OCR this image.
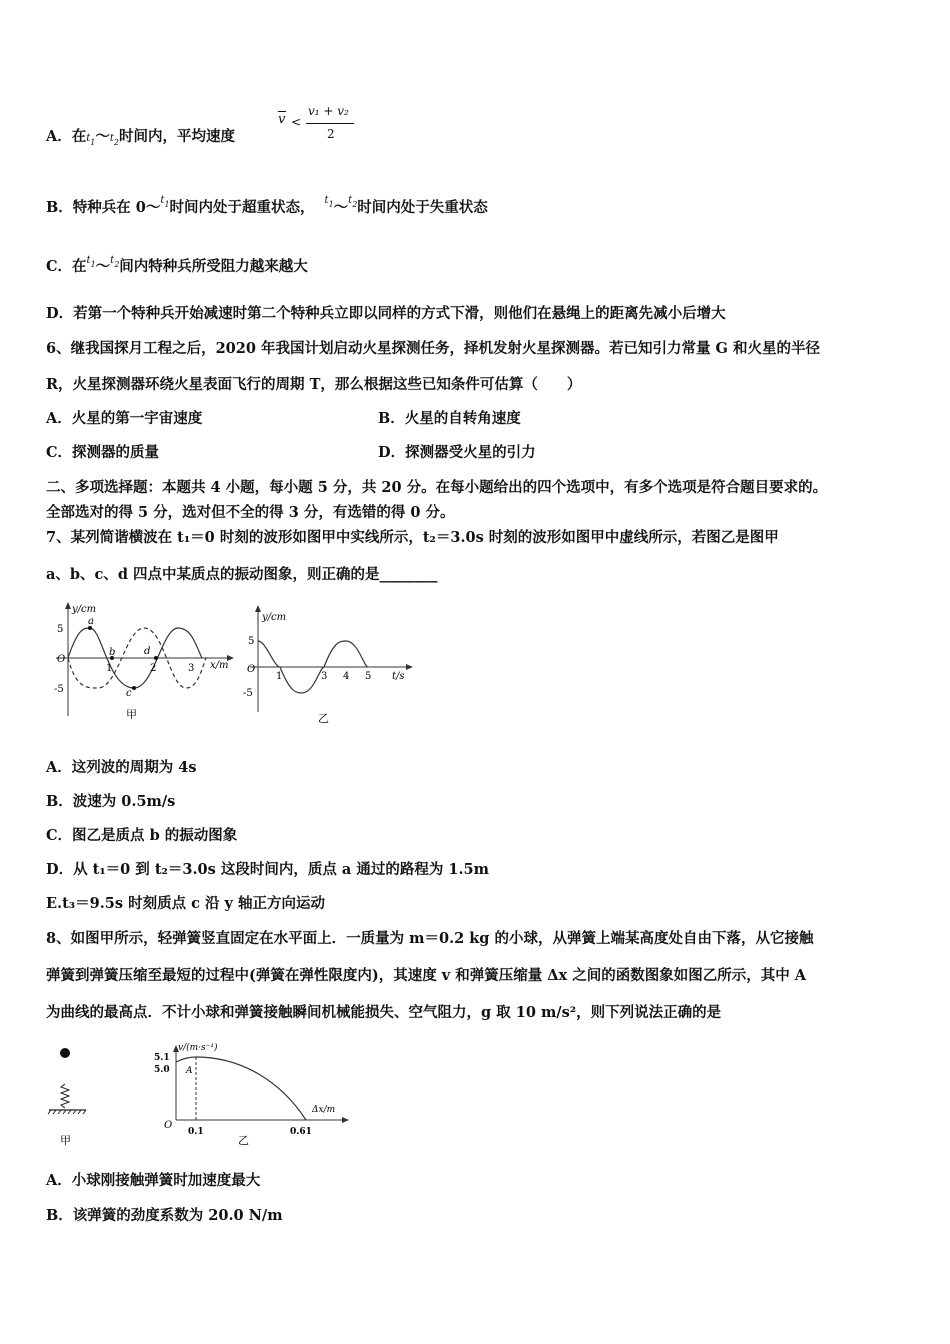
A．在$t_1\sim t_2$时间内，平均速度
v <
v₁ + v₂
2
B．特种兵在 0～$^t_1$时间内处于超重状态， $^t_1$～$^t_2$时间内处于失重状态
C．在$^t_1$～$^t_2$间内特种兵所受阻力越来越大
D．若第一个特种兵开始减速时第二个特种兵立即以同样的方式下滑，则他们在悬绳上的距离先减小后增大
6、继我国探月工程之后，2020 年我国计划启动火星探测任务，择机发射火星探测器。若已知引力常量 G 和火星的半径
R，火星探测器环绕火星表面飞行的周期 T，那么根据这些已知条件可估算（　　）
A．火星的第一宇宙速度	B．火星的自转角速度
C．探测器的质量	D．探测器受火星的引力
二、多项选择题：本题共 4 小题，每小题 5 分，共 20 分。在每小题给出的四个选项中，有多个选项是符合题目要求的。
全部选对的得 5 分，选对但不全的得 3 分，有选错的得 0 分。
7、某列简谐横波在 t₁＝0 时刻的波形如图甲中实线所示，t₂＝3.0s 时刻的波形如图甲中虚线所示，若图乙是图甲
a、b、c、d 四点中某质点的振动图象，则正确的是________
y/cm
x/m
5
-5
O
1	2	3
a
b
c
d
甲
y/cm
t/s
5
-5
O
1	3 4 5
乙
A．这列波的周期为 4s
B．波速为 0.5m/s
C．图乙是质点 b 的振动图象
D．从 t₁＝0 到 t₂＝3.0s 这段时间内，质点 a 通过的路程为 1.5m
E.t₃＝9.5s 时刻质点 c 沿 y 轴正方向运动
8、如图甲所示，轻弹簧竖直固定在水平面上．一质量为 m＝0.2 kg 的小球，从弹簧上端某高度处自由下落，从它接触
弹簧到弹簧压缩至最短的过程中(弹簧在弹性限度内)，其速度 v 和弹簧压缩量 Δx 之间的函数图象如图乙所示，其中 A
为曲线的最高点．不计小球和弹簧接触瞬间机械能损失、空气阻力，g 取 10 m/s²，则下列说法正确的是
甲
v/(m·s⁻¹)
Δx/m
5.1
5.0 A
O
0.1	0.61
乙
A．小球刚接触弹簧时加速度最大
B．该弹簧的劲度系数为 20.0 N/m
